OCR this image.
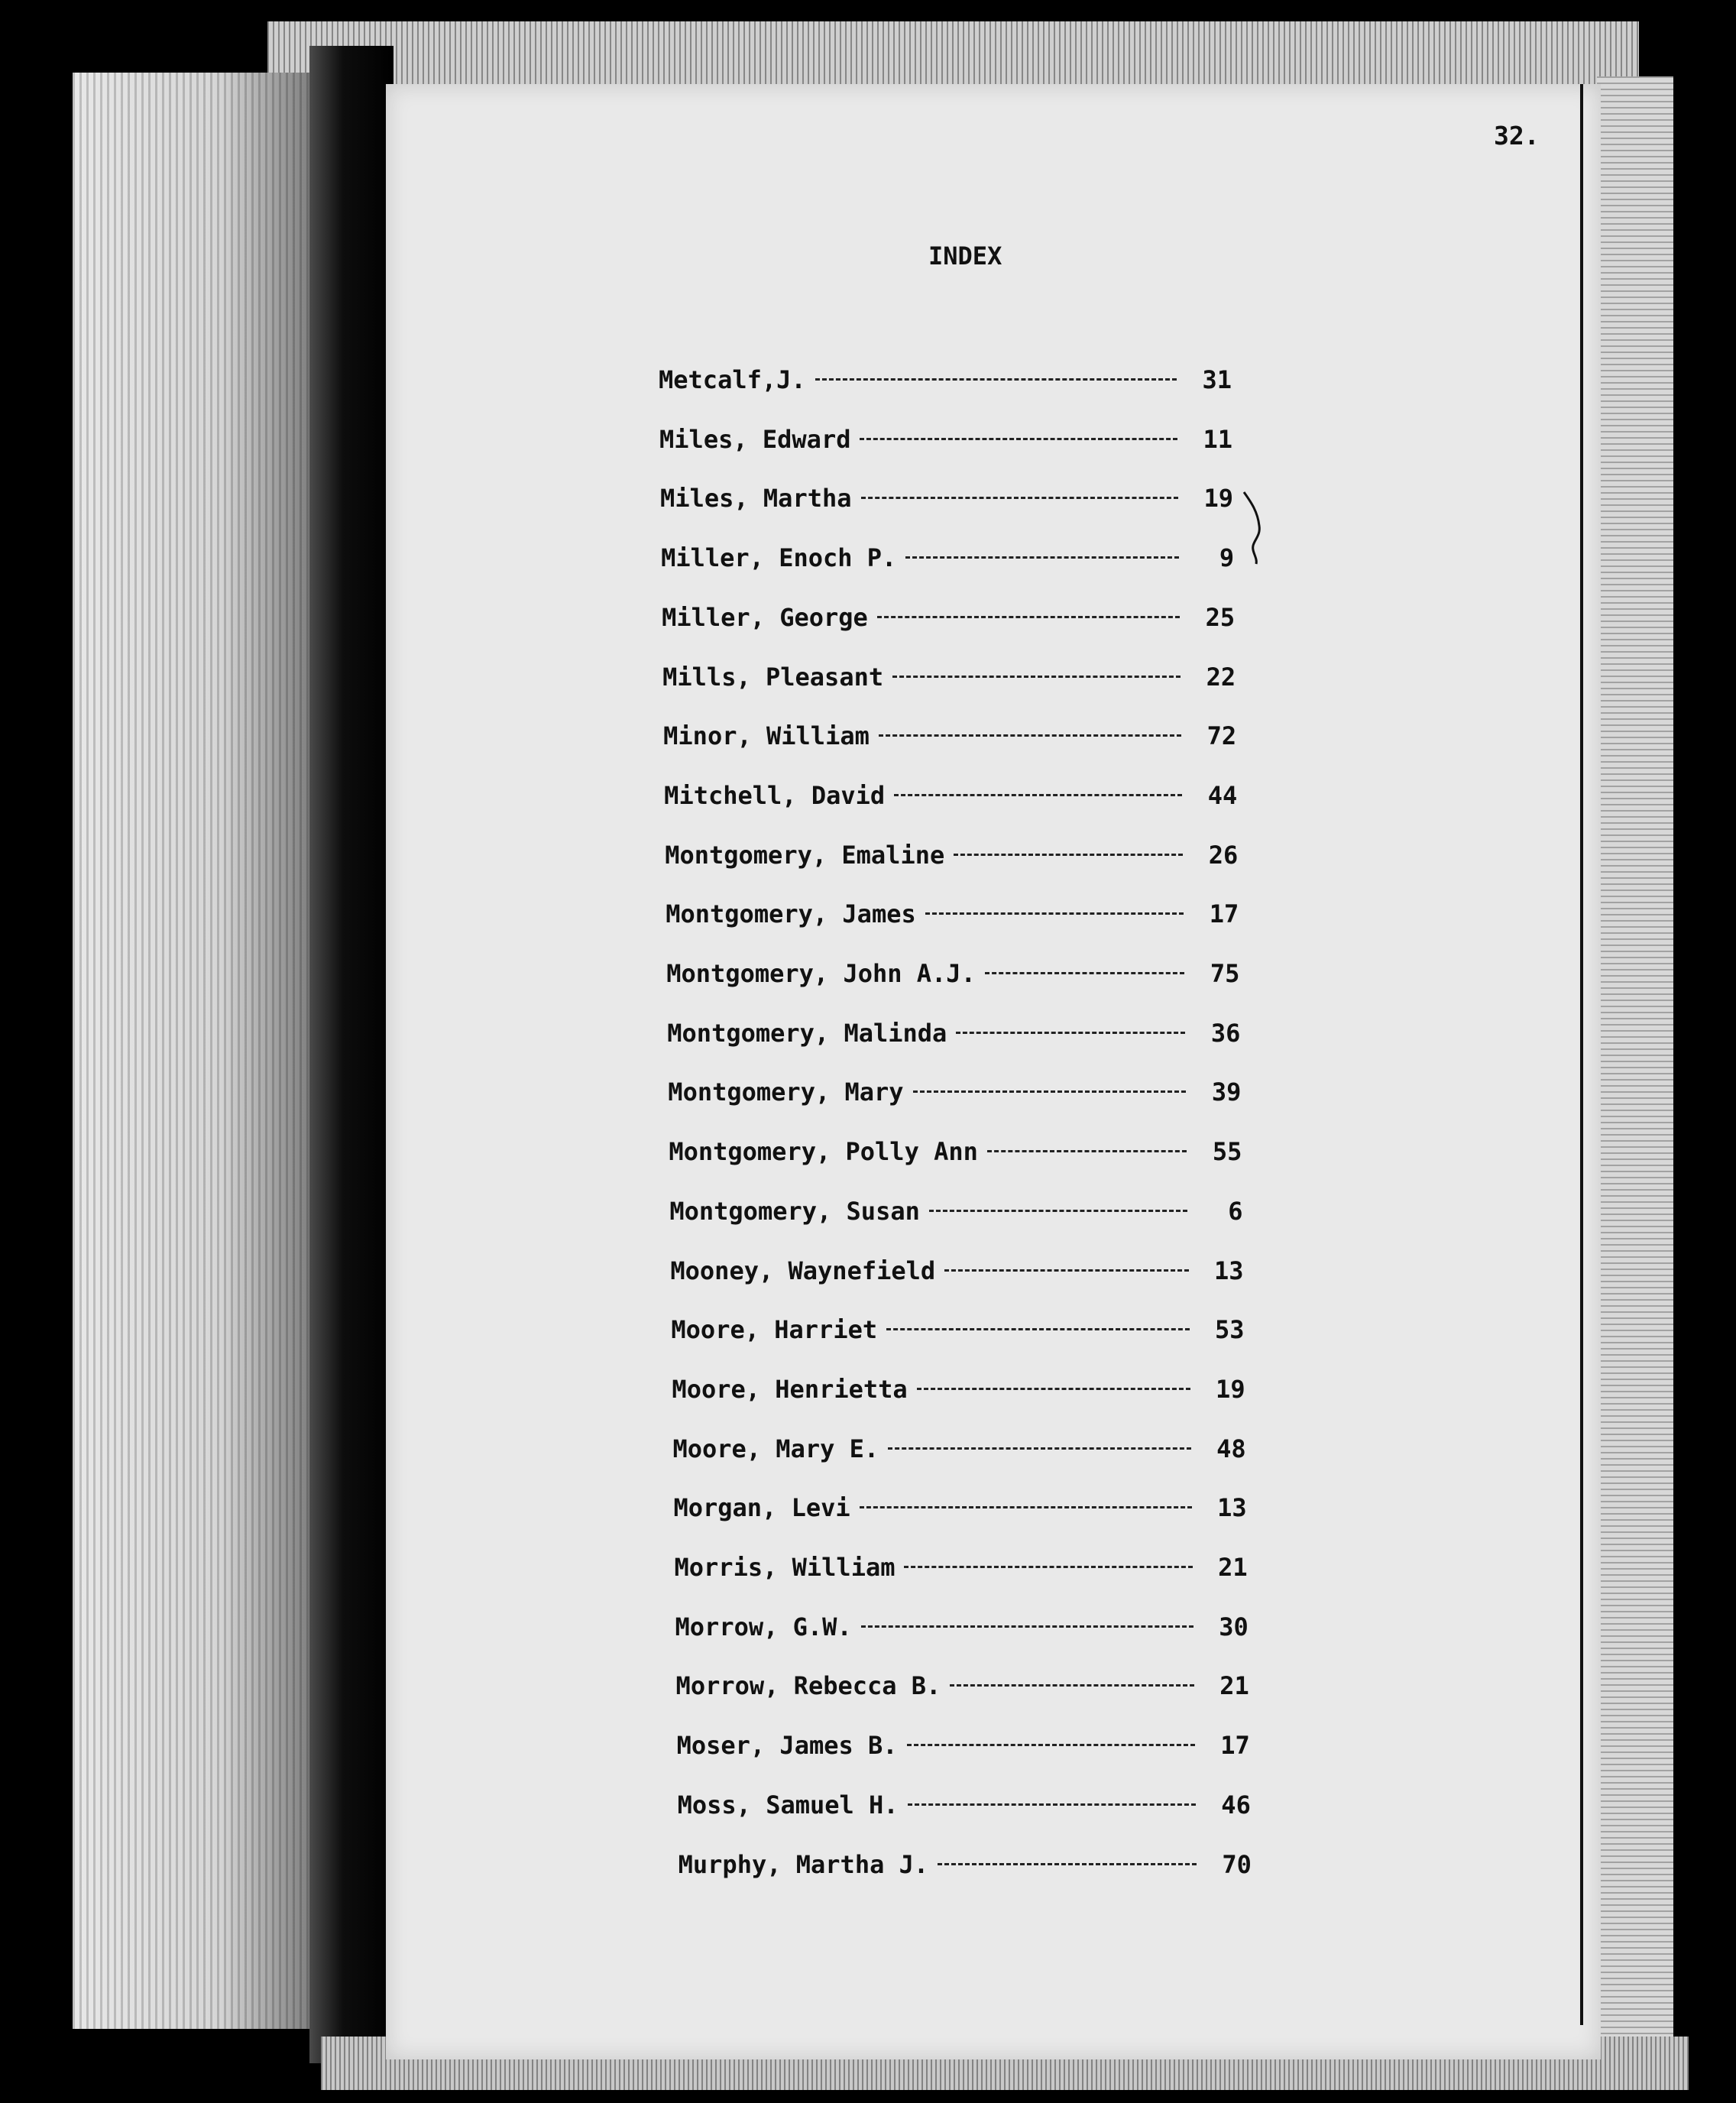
32.
INDEX
Metcalf,J.	31
Miles, Edward	11
Miles, Martha	19
Miller, Enoch P.	9
Miller, George	25
Mills, Pleasant	22
Minor, William	72
Mitchell, David	44
Montgomery, Emaline	26
Montgomery, James	17
Montgomery, John A.J.	75
Montgomery, Malinda	36
Montgomery, Mary	39
Montgomery, Polly Ann	55
Montgomery, Susan	6
Mooney, Waynefield	13
Moore, Harriet	53
Moore, Henrietta	19
Moore, Mary E.	48
Morgan, Levi	13
Morris, William	21
Morrow, G.W.	30
Morrow, Rebecca B.	21
Moser, James B.	17
Moss, Samuel H.	46
Murphy, Martha J.	70
